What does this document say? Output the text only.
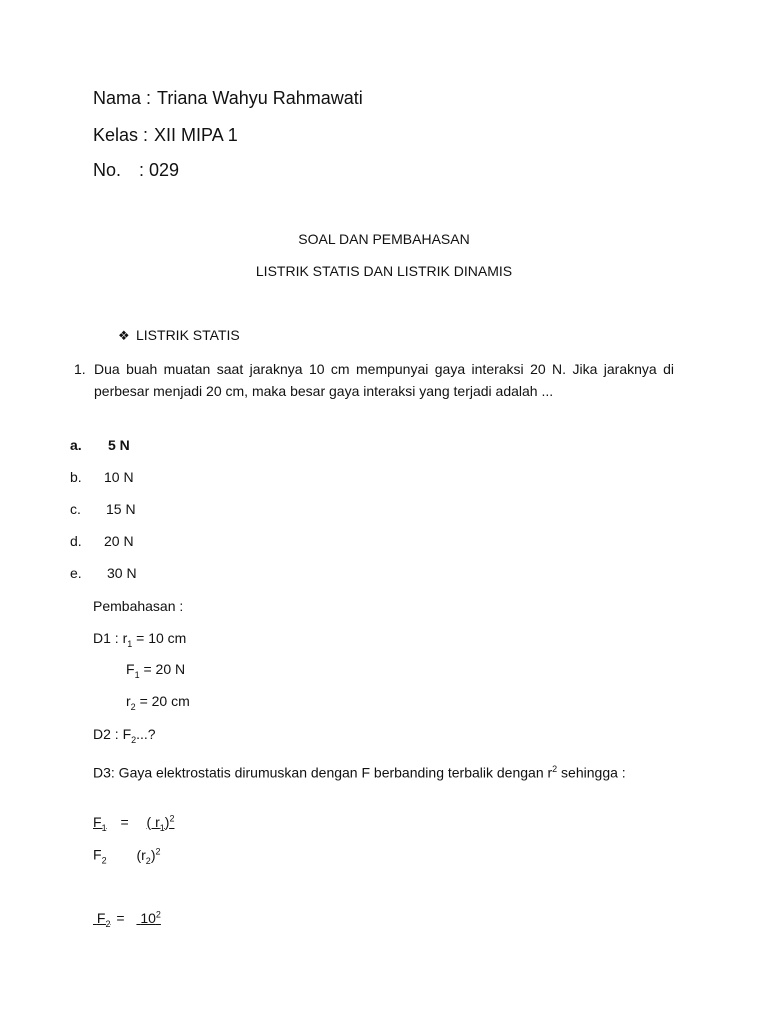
Nama : Triana Wahyu Rahmawati
Kelas : XII MIPA 1
No. : 029
SOAL DAN PEMBAHASAN
LISTRIK STATIS DAN LISTRIK DINAMIS
❖ LISTRIK STATIS
1. Dua buah muatan saat jaraknya 10 cm mempunyai gaya interaksi 20 N. Jika jaraknya di perbesar menjadi 20 cm, maka besar gaya interaksi yang terjadi adalah ...
a. 5 N
b. 10 N
c. 15 N
d. 20 N
e. 30 N
Pembahasan :
D1 : $r_1 = 10$ cm
$F_1 = 20$ N
$r_2 = 20$ cm
D2 : $F_2$...?
D3: Gaya elektrostatis dirumuskan dengan F berbanding terbalik dengan $r^2$ sehingga :
$F_1$ = ( $r_1)^2$
$F_2$ $(r_2)^2$
$F_2 = 10^2$
